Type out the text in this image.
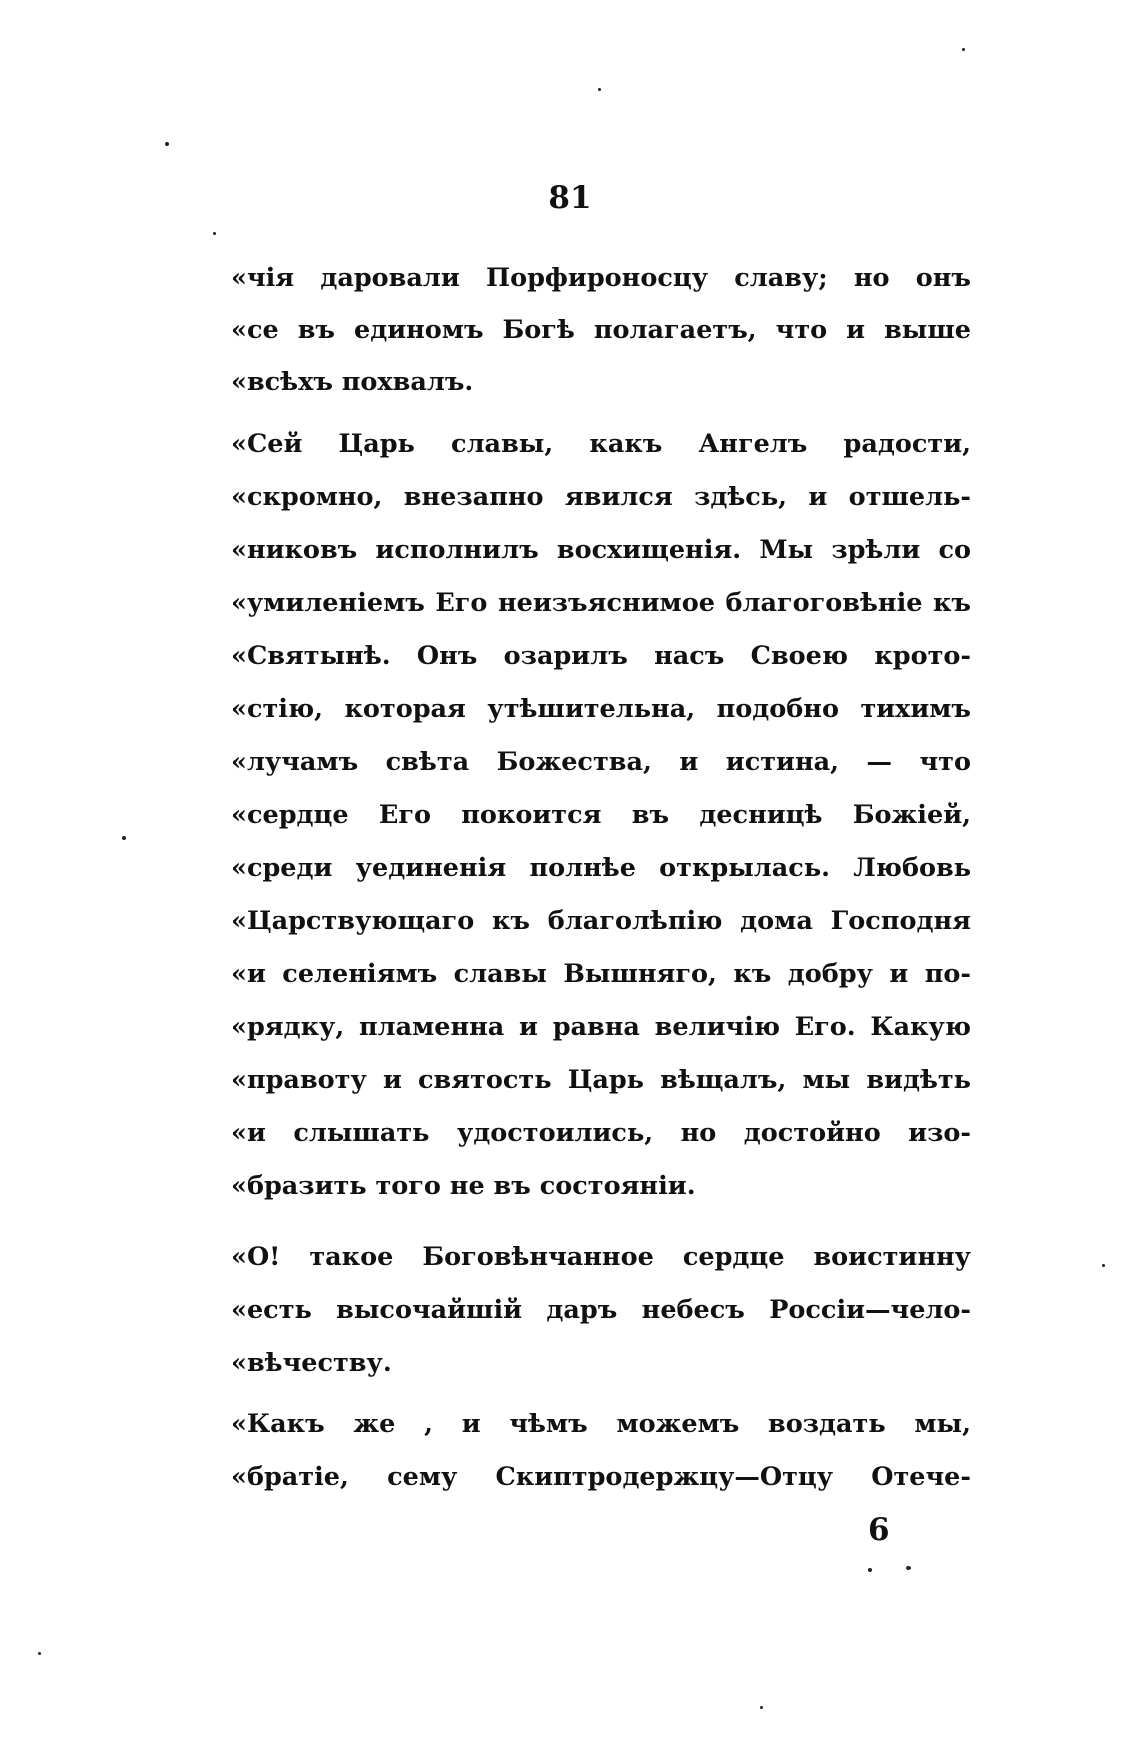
81
«чія даровали Порфироносцу славу; но онъ
«се въ единомъ Богѣ полагаетъ, что и выше
«всѣхъ похвалъ.
«Сей Царь славы, какъ Ангелъ радости,
«скромно, внезапно явился здѣсь, и отшель-
«никовъ исполнилъ восхищенія. Мы зрѣли со
«умиленіемъ Его неизъяснимое благоговѣніе къ
«Святынѣ. Онъ озарилъ насъ Своею кротo-
«стію, которая утѣшительна, подобно тихимъ
«лучамъ свѣта Божества, и истина, — что
«сердце Его покоится въ десницѣ Божіей,
«среди уединенія полнѣе открылась. Любовь
«Царствующаго къ благолѣпію дома Господня
«и селеніямъ славы Вышняго, къ добру и по-
«рядку, пламенна и равна величію Его. Какую
«правоту и святость Царь вѣщалъ, мы видѣть
«и слышать удостоились, но достойно изо-
«бразить того не въ состояніи.
«О! такое Боговѣнчанное сердце воистинну
«есть высочайшій даръ небесъ Россіи—чело-
«вѣчеству.
«Какъ же , и чѣмъ можемъ воздать мы,
«братіе, сему Скиптродержцу—Отцу Отече-
6
